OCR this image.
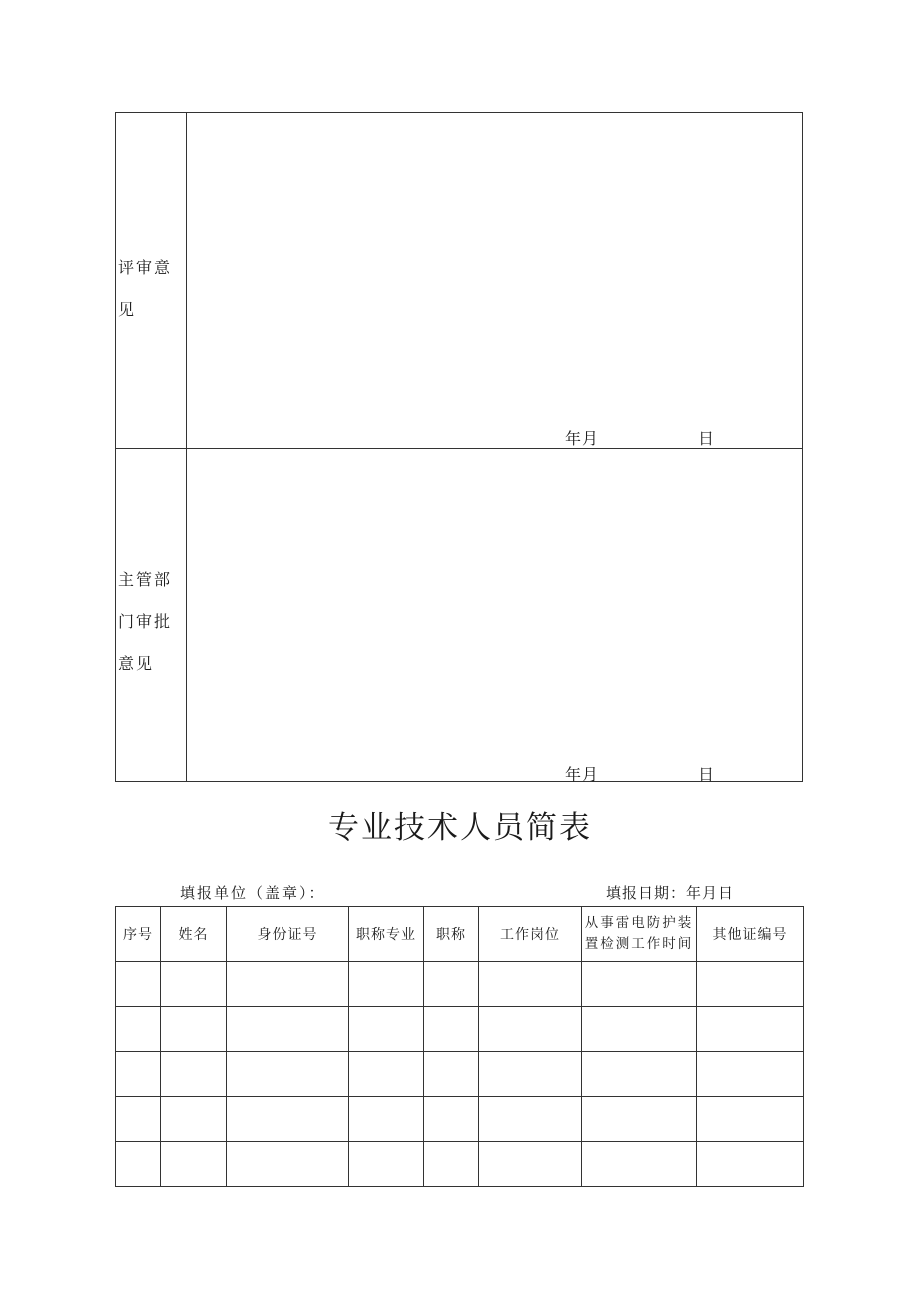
评审意见
年月	日
主管部门审批意见
年月	日
专业技术人员简表
填报单位（盖章）：	填报日期：年月日
序号	姓名	身份证号	职称专业	职称	工作岗位	从事雷电防护装置检测工作时间	其他证编号
